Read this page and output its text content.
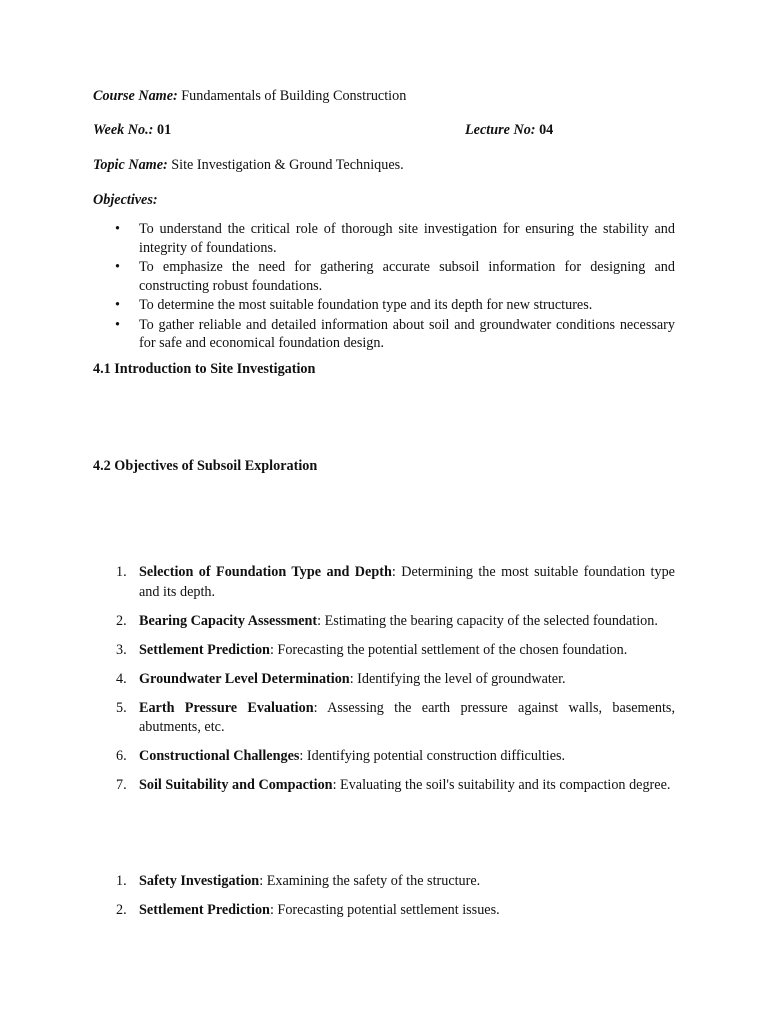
Course Name: Fundamentals of Building Construction
Week No.: 01	Lecture No: 04
Topic Name: Site Investigation & Ground Techniques.
Objectives:
• To understand the critical role of thorough site investigation for ensuring the stability and integrity of foundations.
• To emphasize the need for gathering accurate subsoil information for designing and constructing robust foundations.
• To determine the most suitable foundation type and its depth for new structures.
• To gather reliable and detailed information about soil and groundwater conditions necessary for safe and economical foundation design.
4.1 Introduction to Site Investigation
4.2 Objectives of Subsoil Exploration
1. Selection of Foundation Type and Depth: Determining the most suitable foundation type and its depth.
2. Bearing Capacity Assessment: Estimating the bearing capacity of the selected foundation.
3. Settlement Prediction: Forecasting the potential settlement of the chosen foundation.
4. Groundwater Level Determination: Identifying the level of groundwater.
5. Earth Pressure Evaluation: Assessing the earth pressure against walls, basements, abutments, etc.
6. Constructional Challenges: Identifying potential construction difficulties.
7. Soil Suitability and Compaction: Evaluating the soil's suitability and its compaction degree.
1. Safety Investigation: Examining the safety of the structure.
2. Settlement Prediction: Forecasting potential settlement issues.
